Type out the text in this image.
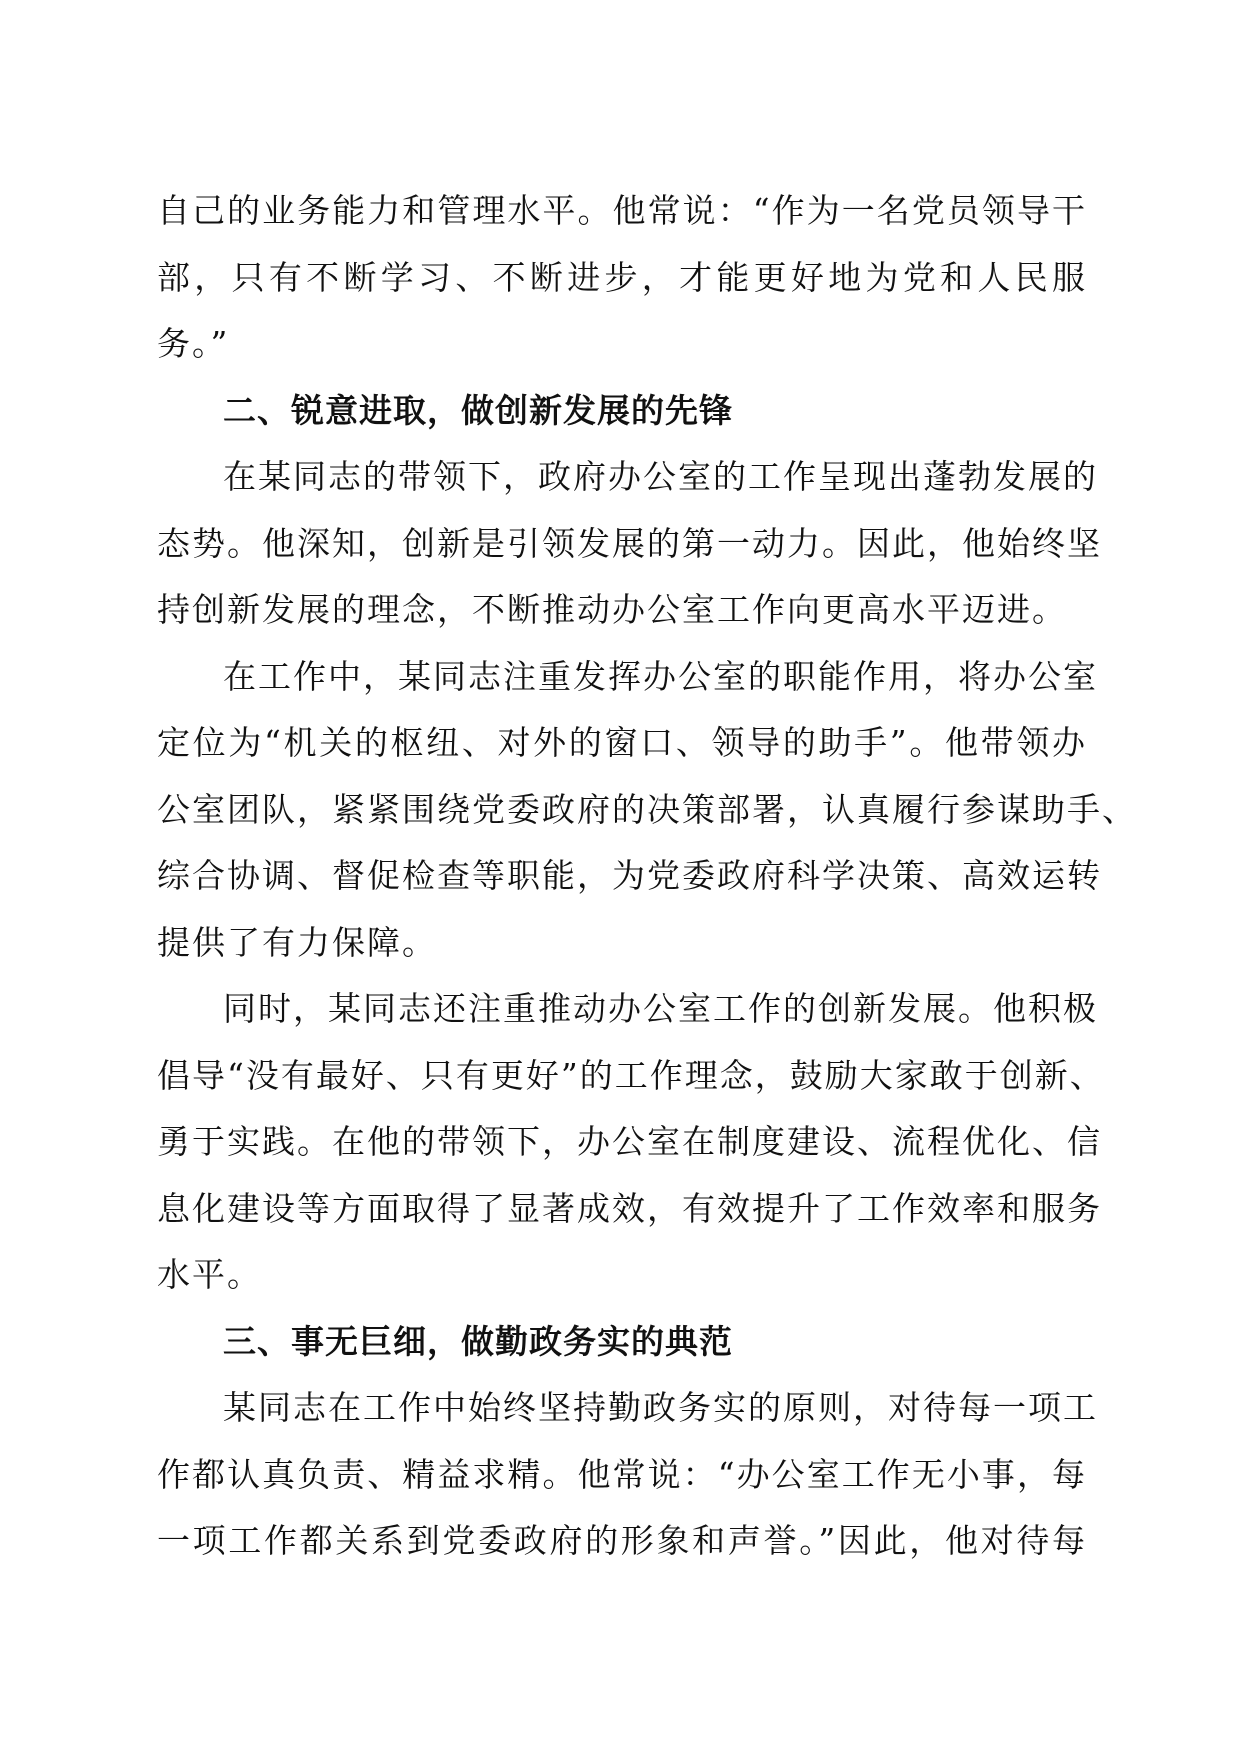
自己的业务能力和管理水平。他常说：“作为一名党员领导干
部，只有不断学习、不断进步，才能更好地为党和人民服
务。”
二、锐意进取，做创新发展的先锋
在某同志的带领下，政府办公室的工作呈现出蓬勃发展的
态势。他深知，创新是引领发展的第一动力。因此，他始终坚
持创新发展的理念，不断推动办公室工作向更高水平迈进。
在工作中，某同志注重发挥办公室的职能作用，将办公室
定位为“机关的枢纽、对外的窗口、领导的助手”。他带领办
公室团队，紧紧围绕党委政府的决策部署，认真履行参谋助手、
综合协调、督促检查等职能，为党委政府科学决策、高效运转
提供了有力保障。
同时，某同志还注重推动办公室工作的创新发展。他积极
倡导“没有最好、只有更好”的工作理念，鼓励大家敢于创新、
勇于实践。在他的带领下，办公室在制度建设、流程优化、信
息化建设等方面取得了显著成效，有效提升了工作效率和服务
水平。
三、事无巨细，做勤政务实的典范
某同志在工作中始终坚持勤政务实的原则，对待每一项工
作都认真负责、精益求精。他常说：“办公室工作无小事，每
一项工作都关系到党委政府的形象和声誉。”因此，他对待每
